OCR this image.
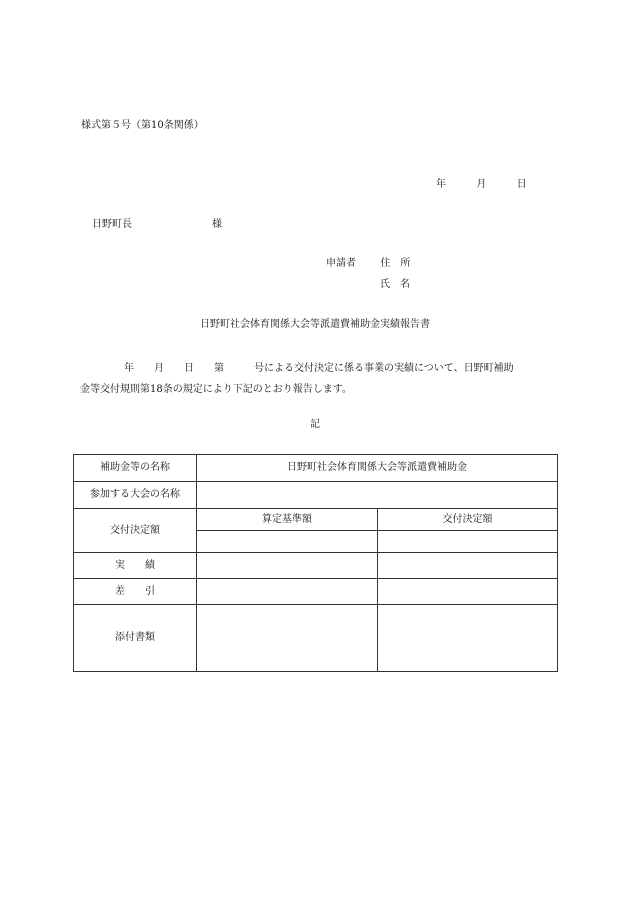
様式第５号（第10条関係）
年	月	日
日野町長	様
申請者 住　所
氏　名
日野町社会体育関係大会等派遣費補助金実績報告書
年　　月　　日　　第　　　号による交付決定に係る事業の実績について、日野町補助
金等交付規則第18条の規定により下記のとおり報告します。
記
補助金等の名称	日野町社会体育関係大会等派遣費補助金	
参加する大会の名称		
交付決定額	算定基準額	交付決定額

実　　績		
差　　引		
添付書類		
